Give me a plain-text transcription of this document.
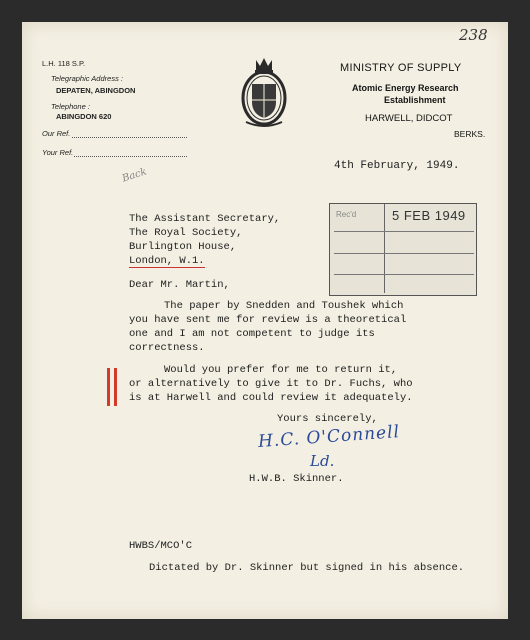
238
L.H. 118 S.P.
Telegraphic Address :
DEPATEN, ABINGDON
Telephone :
ABINGDON 620
Our Ref.
Your Ref.
MINISTRY OF SUPPLY
Atomic Energy Research
Establishment
HARWELL, DIDCOT
BERKS.
Back
4th February, 1949.
The Assistant Secretary,
The Royal Society,
Burlington House,
London, W.1.
Rec'd	5 FEB 1949
Dear Mr. Martin,
The paper by Snedden and Toushek which
you have sent me for review is a theoretical
one and I am not competent to judge its
correctness.
Would you prefer for me to return it,
or alternatively to give it to Dr. Fuchs, who
is at Harwell and could review it adequately.
Yours sincerely,
H.C. O'Connell
Ld.
H.W.B. Skinner.
HWBS/MCO'C
Dictated by Dr. Skinner but signed in his absence.
